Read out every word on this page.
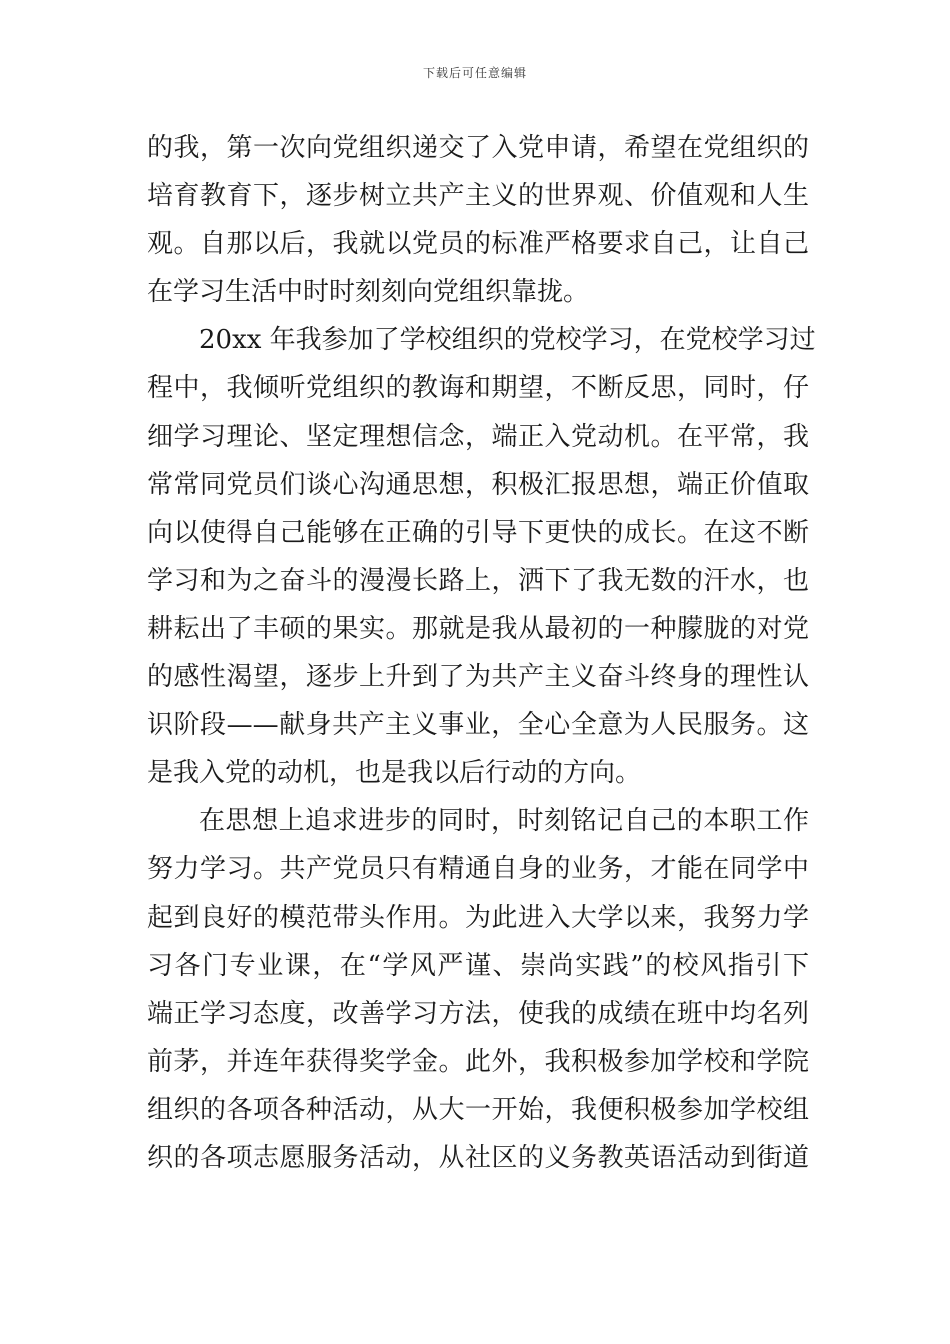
下载后可任意编辑
的我，第一次向党组织递交了入党申请，希望在党组织的
培育教育下，逐步树立共产主义的世界观、价值观和人生
观。自那以后，我就以党员的标准严格要求自己，让自己
在学习生活中时时刻刻向党组织靠拢。
20xx 年我参加了学校组织的党校学习，在党校学习过
程中，我倾听党组织的教诲和期望，不断反思，同时，仔
细学习理论、坚定理想信念，端正入党动机。在平常，我
常常同党员们谈心沟通思想，积极汇报思想，端正价值取
向以使得自己能够在正确的引导下更快的成长。在这不断
学习和为之奋斗的漫漫长路上，洒下了我无数的汗水，也
耕耘出了丰硕的果实。那就是我从最初的一种朦胧的对党
的感性渴望，逐步上升到了为共产主义奋斗终身的理性认
识阶段——献身共产主义事业，全心全意为人民服务。这
是我入党的动机，也是我以后行动的方向。
在思想上追求进步的同时，时刻铭记自己的本职工作
努力学习。共产党员只有精通自身的业务，才能在同学中
起到良好的模范带头作用。为此进入大学以来，我努力学
习各门专业课，在“学风严谨、崇尚实践”的校风指引下
端正学习态度，改善学习方法，使我的成绩在班中均名列
前茅，并连年获得奖学金。此外，我积极参加学校和学院
组织的各项各种活动，从大一开始，我便积极参加学校组
织的各项志愿服务活动，从社区的义务教英语活动到街道
